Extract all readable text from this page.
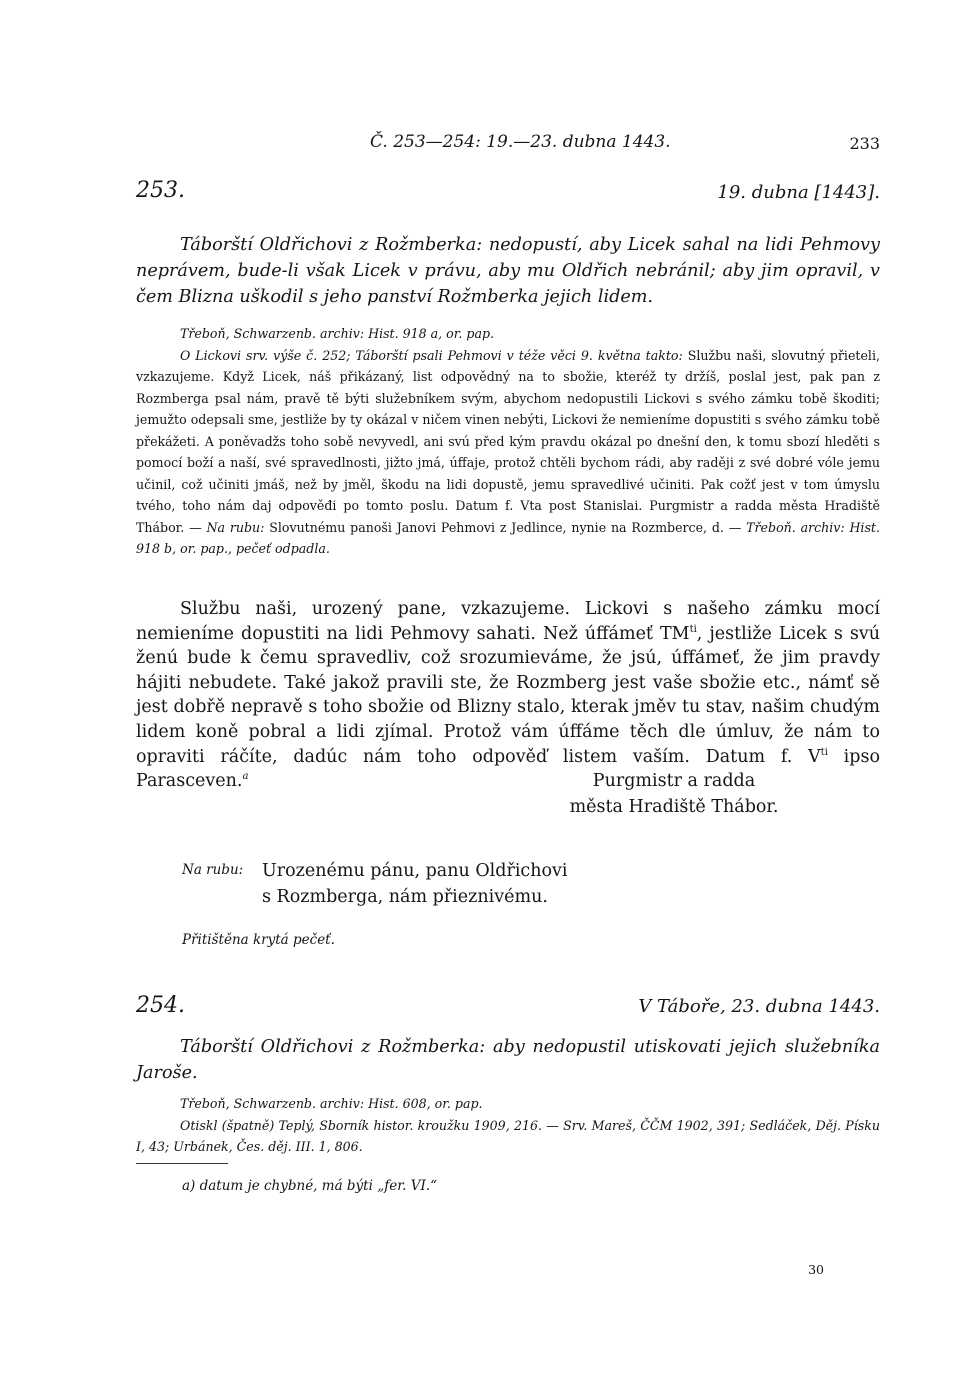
Č. 253—254: 19.—23. dubna 1443.	233
253.	19. dubna [1443].

Táborští Oldřichovi z Rožmberka: nedopustí, aby Licek sahal na lidi Pehmovy neprávem, bude-li však Licek v právu, aby mu Oldřich nebránil; aby jim opravil, v čem Blizna uškodil s jeho panství Rožmberka jejich lidem.

Třeboň, Schwarzenb. archiv: Hist. 918 a, or. pap.

O Lickovi srv. výše č. 252; Táborští psali Pehmovi v téže věci 9. května takto: Službu naši, slovutný přieteli, vzkazujeme. Když Licek, náš přikázaný, list odpovědný na to sbožie, kteréž ty držíš, poslal jest, pak pan z Rozmberga psal nám, pravě tě býti služebníkem svým, abychom nedopustili Lickovi s svého zámku tobě škoditi; jemužto odepsali sme, jestliže by ty okázal v ničem vinen nebýti, Lickovi že nemieníme dopustiti s svého zámku tobě překážeti. A poněvadžs toho sobě nevyvedl, ani svú před kým pravdu okázal po dnešní den, k tomu sbozí hleděti s pomocí boží a naší, své spravedlnosti, jižto jmá, úffaje, protož chtěli bychom rádi, aby raději z své dobré vóle jemu učinil, což učiniti jmáš, než by jměl, škodu na lidi dopustě, jemu spravedlivé učiniti. Pak cožť jest v tom úmyslu tvého, toho nám daj odpověđi po tomto poslu. Datum f. Vta post Stanislai. Purgmistr a radda města Hradiště Thábor. — Na rubu: Slovutnému panoši Janovi Pehmovi z Jedlince, nynie na Rozmberce, d. — Třeboň. archiv: Hist. 918 b, or. pap., pečeť odpadla.

Službu naši, urozený pane, vzkazujeme. Lickovi s našeho zámku mocí nemieníme dopustiti na lidi Pehmovy sahati. Než úffámeť $TM^{ti}$, jestliže Licek s svú ženú bude k čemu spravedliv, což srozumievámе, že jsú, úffámeť, že jim pravdy hájiti nebudete. Také jakož pravili ste, že Rozmberg jest vaše sbožie etc., námť sě jest dobřě nepravě s toho sbožie od Blizny stalo, kterak jměv tu stav, našim chudým lidem koně pobral a lidi zjímal. Protož vám úffáme těch dle úmluv, že nám to opraviti ráčíte, dadúc nám toho odpověď listem vaším. Datum f. $V^{ti}$ ipso Parasceven.$^a$	Purgmistr a radda
města Hradiště Thábor.
Na rubu: Urozenému pánu, panu Oldřichovi
s Rozmberga, nám přieznivému.
Přitištěna krytá pečeť.
254.	V Táboře, 23. dubna 1443.

Táborští Oldřichovi z Rožmberka: aby nedopustil utiskovati jejich služebníka Jaroše.

Třeboň, Schwarzenb. archiv: Hist. 608, or. pap.

Otiskl (špatně) Teplý, Sborník histor. kroužku 1909, 216. — Srv. Mareš, ČČM 1902, 391; Sedláček, Děj. Písku I, 43; Urbánek, Čes. děj. III. 1, 806.

a) datum je chybné, má býti „fer. VI.“
30
